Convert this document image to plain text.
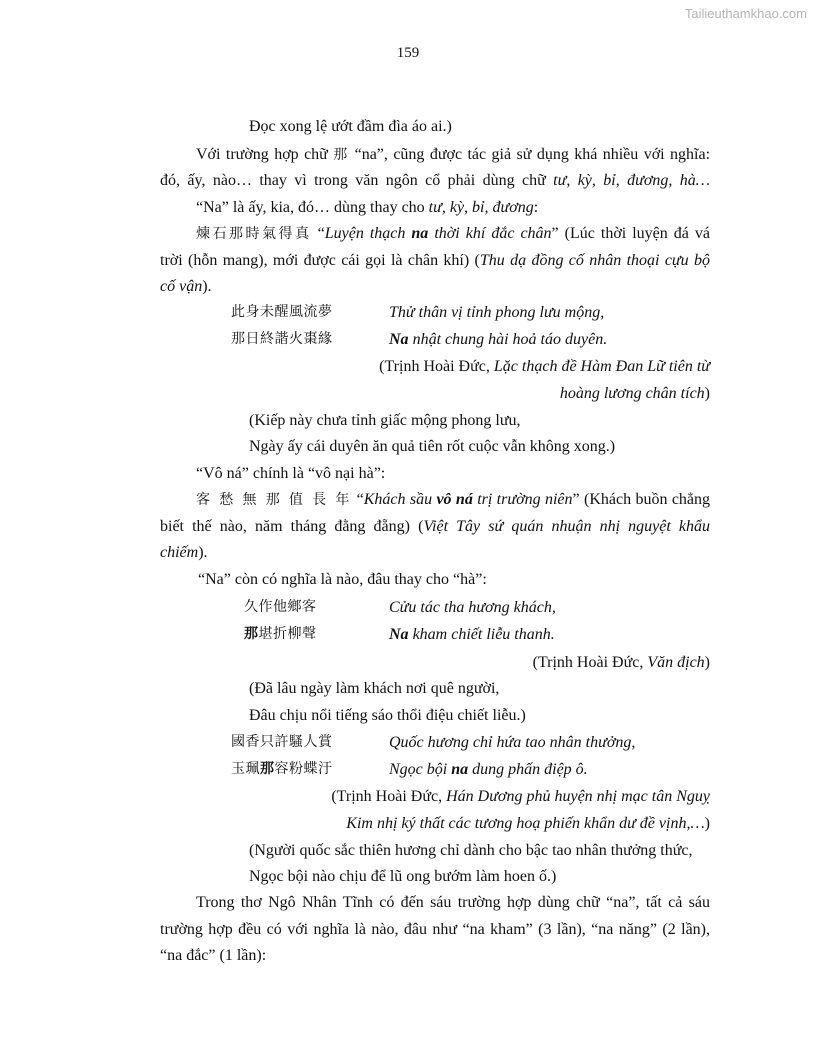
Tailieuthamkhao.com
159
Đọc xong lệ ướt đầm đìa áo ai.)
Với trường hợp chữ 那 “na”, cũng được tác giả sử dụng khá nhiều với nghĩa:
đó, ấy, nào… thay vì trong văn ngôn cổ phải dùng chữ tư, kỳ, bỉ, đương, hà…
“Na” là ấy, kia, đó… dùng thay cho tư, kỳ, bỉ, đương:
煉石那時氣得真 “Luyện thạch na thời khí đắc chân” (Lúc thời luyện đá vá
trời (hỗn mang), mới được cái gọi là chân khí) (Thu dạ đồng cố nhân thoại cựu bộ
cố vận).
此身未醒風流夢	Thử thân vị tỉnh phong lưu mộng,
那日終諧火棗緣	Na nhật chung hài hoả táo duyên.
(Trịnh Hoài Đức, Lặc thạch đề Hàm Đan Lữ tiên từ
hoàng lương chân tích)
(Kiếp này chưa tỉnh giấc mộng phong lưu,
Ngày ấy cái duyên ăn quả tiên rốt cuộc vẫn không xong.)
“Vô ná” chính là “vô nại hà”:
客 愁 無 那 值 長 年 “Khách sầu vô ná trị trường niên” (Khách buồn chẳng
biết thế nào, năm tháng đằng đẵng) (Việt Tây sứ quán nhuận nhị nguyệt khẩu
chiếm).
“Na” còn có nghĩa là nào, đâu thay cho “hà”:
久作他鄉客	Cửu tác tha hương khách,
那堪折柳聲	Na kham chiết liễu thanh.
(Trịnh Hoài Đức, Văn địch)
(Đã lâu ngày làm khách nơi quê người,
Đâu chịu nổi tiếng sáo thổi điệu chiết liễu.)
國香只許騷人賞	Quốc hương chỉ hứa tao nhân thưởng,
玉珮那容粉蝶汙	Ngọc bội na dung phấn điệp ô.
(Trịnh Hoài Đức, Hán Dương phủ huyện nhị mạc tân Nguỵ
Kim nhị ký thất các tương hoạ phiến khẩn dư đề vịnh,…)
(Người quốc sắc thiên hương chỉ dành cho bậc tao nhân thưởng thức,
Ngọc bội nào chịu để lũ ong bướm làm hoen ố.)
Trong thơ Ngô Nhân Tĩnh có đến sáu trường hợp dùng chữ “na”, tất cả sáu
trường hợp đều có với nghĩa là nào, đâu như “na kham” (3 lần), “na năng” (2 lần),
“na đắc” (1 lần):
